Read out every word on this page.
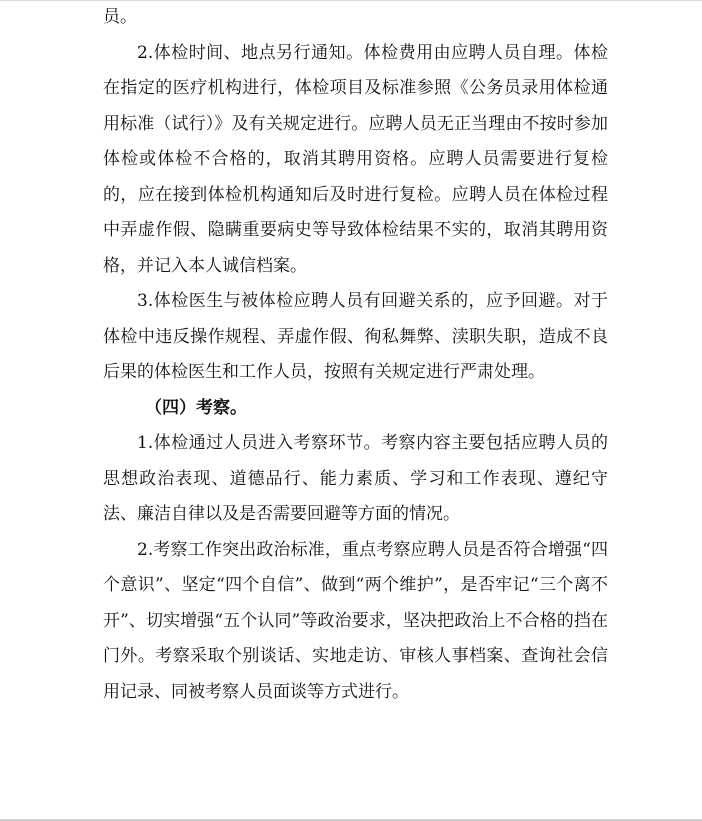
员。

2.体检时间、地点另行通知。体检费用由应聘人员自理。体检在指定的医疗机构进行，体检项目及标准参照《公务员录用体检通用标准（试行）》及有关规定进行。应聘人员无正当理由不按时参加体检或体检不合格的，取消其聘用资格。应聘人员需要进行复检的，应在接到体检机构通知后及时进行复检。应聘人员在体检过程中弄虚作假、隐瞒重要病史等导致体检结果不实的，取消其聘用资格，并记入本人诚信档案。

3.体检医生与被体检应聘人员有回避关系的，应予回避。对于体检中违反操作规程、弄虚作假、徇私舞弊、渎职失职，造成不良后果的体检医生和工作人员，按照有关规定进行严肃处理。

（四）考察。

1.体检通过人员进入考察环节。考察内容主要包括应聘人员的思想政治表现、道德品行、能力素质、学习和工作表现、遵纪守法、廉洁自律以及是否需要回避等方面的情况。

2.考察工作突出政治标准，重点考察应聘人员是否符合增强“四个意识”、坚定“四个自信”、做到“两个维护”，是否牢记“三个离不开”、切实增强“五个认同”等政治要求，坚决把政治上不合格的挡在门外。考察采取个别谈话、实地走访、审核人事档案、查询社会信用记录、同被考察人员面谈等方式进行。
